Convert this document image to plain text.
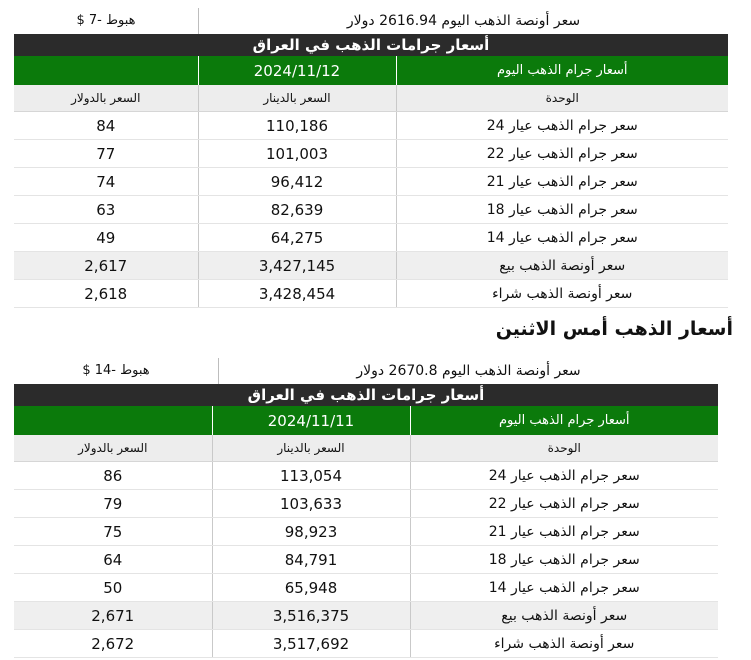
هبوط -7 $	سعر أونصة الذهب اليوم 2616.94 دولار
أسعار جرامات الذهب في العراق
	2024/11/12	أسعار جرام الذهب اليوم
السعر بالدولار	السعر بالدينار	الوحدة
84	110,186	سعر جرام الذهب عيار 24
77	101,003	سعر جرام الذهب عيار 22
74	96,412	سعر جرام الذهب عيار 21
63	82,639	سعر جرام الذهب عيار 18
49	64,275	سعر جرام الذهب عيار 14
2,617	3,427,145	سعر أونصة الذهب بيع
2,618	3,428,454	سعر أونصة الذهب شراء
أسعار الذهب أمس الاثنين
هبوط -14 $	سعر أونصة الذهب اليوم 2670.8 دولار
أسعار جرامات الذهب في العراق
	2024/11/11	أسعار جرام الذهب اليوم
السعر بالدولار	السعر بالدينار	الوحدة
86	113,054	سعر جرام الذهب عيار 24
79	103,633	سعر جرام الذهب عيار 22
75	98,923	سعر جرام الذهب عيار 21
64	84,791	سعر جرام الذهب عيار 18
50	65,948	سعر جرام الذهب عيار 14
2,671	3,516,375	سعر أونصة الذهب بيع
2,672	3,517,692	سعر أونصة الذهب شراء
